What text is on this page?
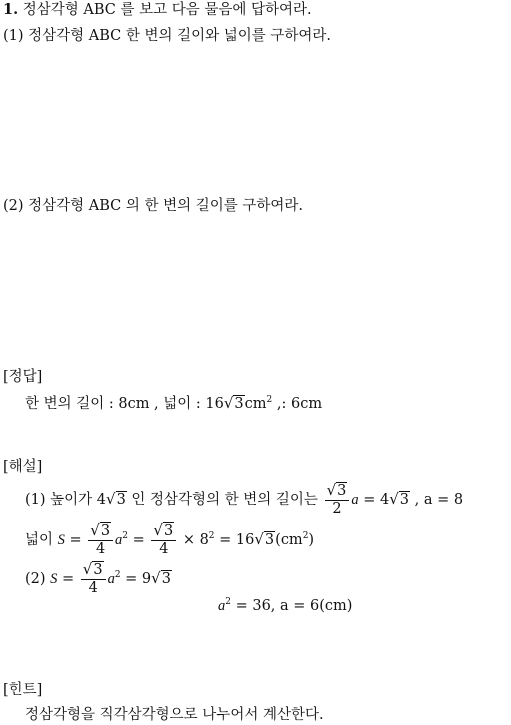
1. 정삼각형 ABC 를 보고 다음 물음에 답하여라.
(1) 정삼각형 ABC 한 변의 길이와 넓이를 구하여라.
(2) 정삼각형 ABC 의 한 변의 길이를 구하여라.
[정답]
한 변의 길이 : 8cm , 넓이 : $16√3cm^2$ ,: 6cm
[해설]
(1) 높이가 4√3 인 정삼각형의 한 변의 길이는 $\frac{√3}{2}$ a = 4√3 , a = 8
넓이 $S = \frac{√3}{4} a^2 = \frac{√3}{4} \times 8^2 = 16√3(cm^2)$
(2) $S = \frac{√3}{4} a^2 = 9√3$
$a^2 = 36$, a = 6(cm)
[힌트]
정삼각형을 직각삼각형으로 나누어서 계산한다.
